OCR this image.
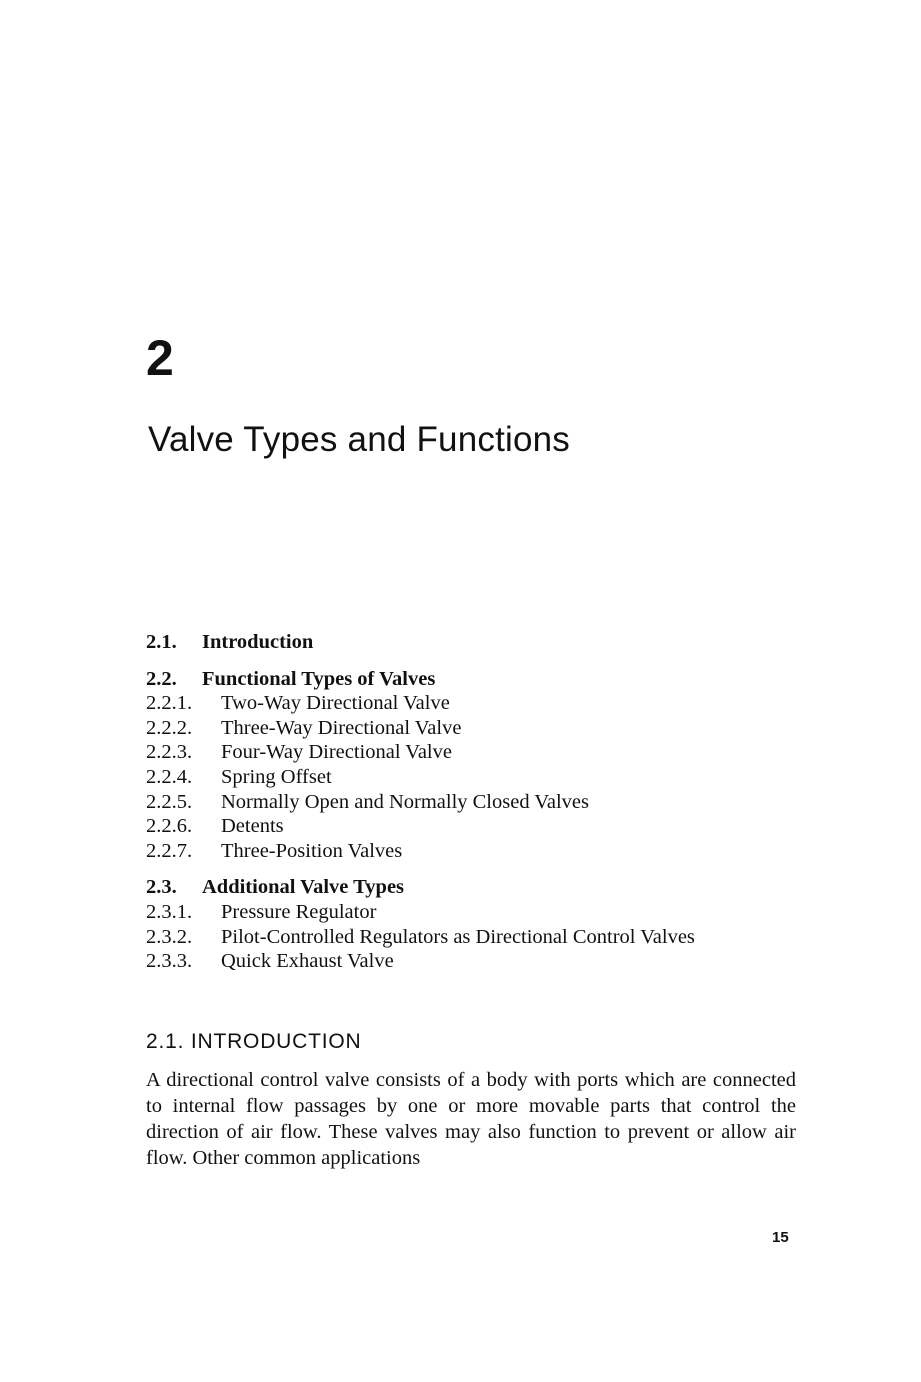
2
Valve Types and Functions
2.1.	Introduction
2.2.	Functional Types of Valves
2.2.1.	Two-Way Directional Valve
2.2.2.	Three-Way Directional Valve
2.2.3.	Four-Way Directional Valve
2.2.4.	Spring Offset
2.2.5.	Normally Open and Normally Closed Valves
2.2.6.	Detents
2.2.7.	Three-Position Valves
2.3.	Additional Valve Types
2.3.1.	Pressure Regulator
2.3.2.	Pilot-Controlled Regulators as Directional Control Valves
2.3.3.	Quick Exhaust Valve
2.1. INTRODUCTION

A directional control valve consists of a body with ports which are connected to internal flow passages by one or more movable parts that control the direction of air flow. These valves may also function to prevent or allow air flow. Other common applications

15
